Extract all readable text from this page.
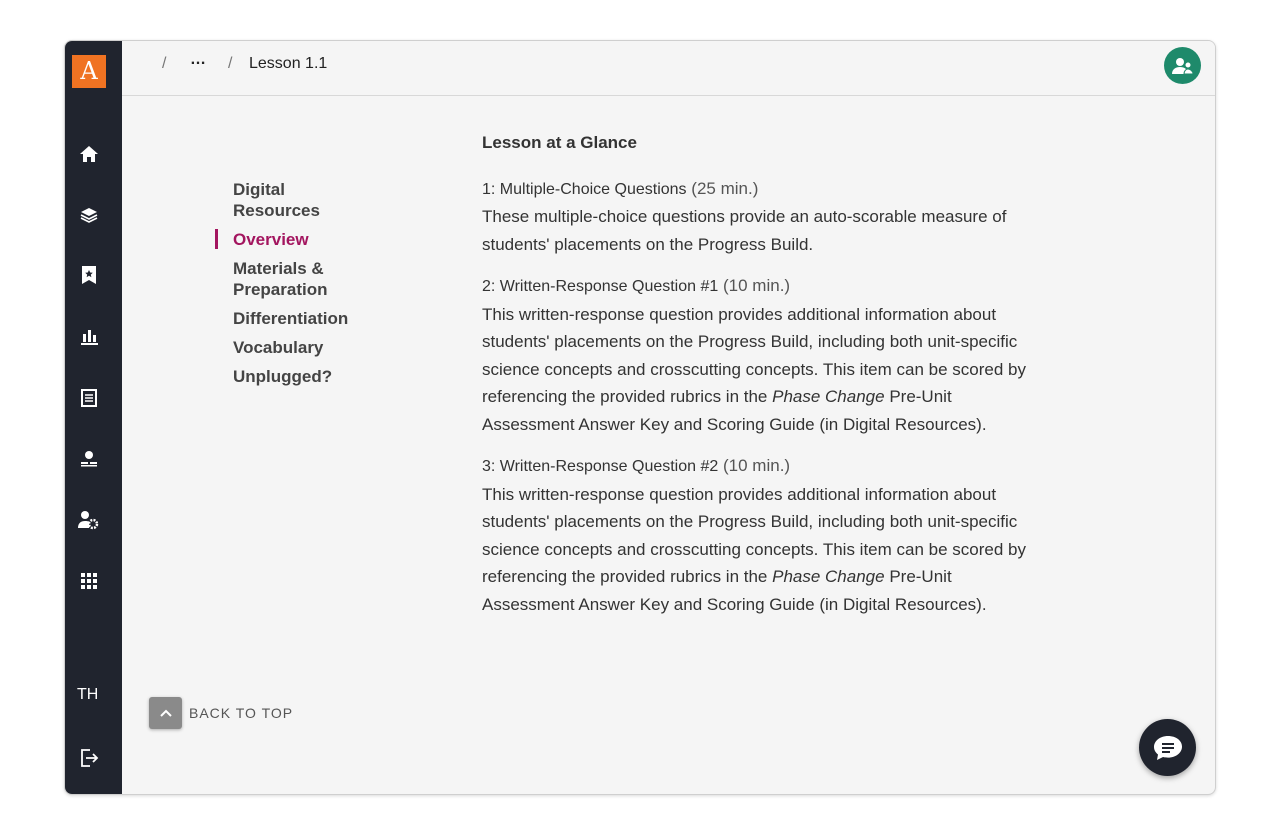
A
TH
/ … / Lesson 1.1
Digital Resources
Overview
Materials & Preparation
Differentiation
Vocabulary
Unplugged?
Lesson at a Glance
1: Multiple-Choice Questions (25 min.)
These multiple-choice questions provide an auto-scorable measure of students' placements on the Progress Build.
2: Written-Response Question #1 (10 min.)
This written-response question provides additional information about students' placements on the Progress Build, including both unit-specific science concepts and crosscutting concepts. This item can be scored by referencing the provided rubrics in the Phase Change Pre-Unit Assessment Answer Key and Scoring Guide (in Digital Resources).
3: Written-Response Question #2 (10 min.)
This written-response question provides additional information about students' placements on the Progress Build, including both unit-specific science concepts and crosscutting concepts. This item can be scored by referencing the provided rubrics in the Phase Change Pre-Unit Assessment Answer Key and Scoring Guide (in Digital Resources).
BACK TO TOP
